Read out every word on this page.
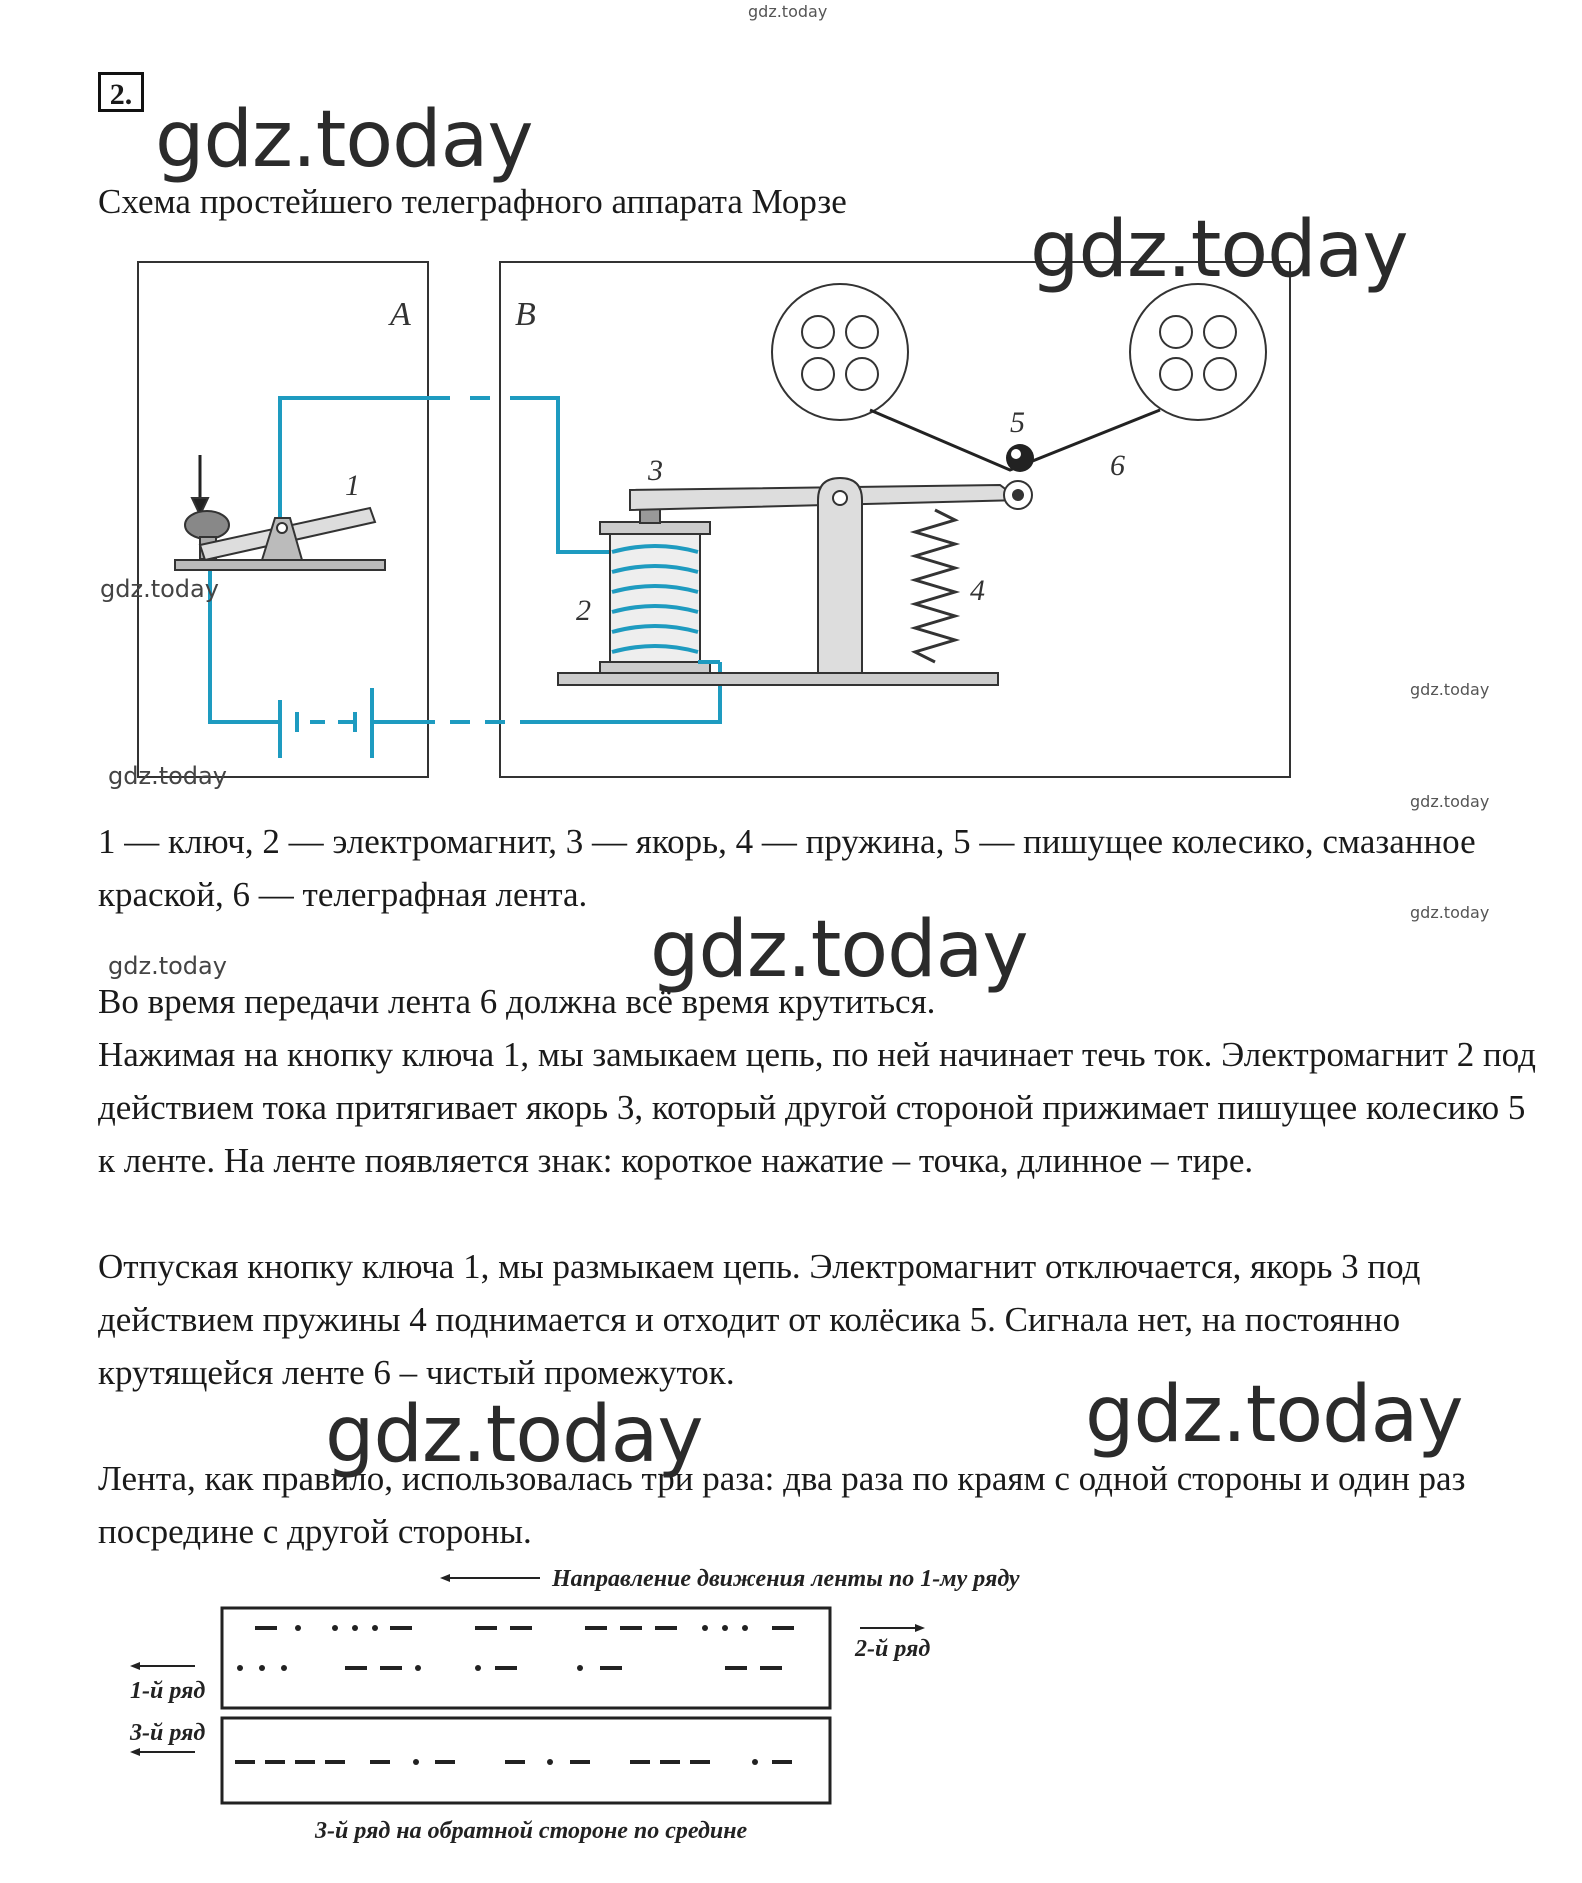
gdz.today
2.
Схема простейшего телеграфного аппарата Морзе
A	B
1
2
3
4
5
6
1 — ключ, 2 — электромагнит, 3 — якорь, 4 — пружина, 5 — пишущее колесико, смазанное краской, 6 — телеграфная лента.
Во время передачи лента 6 должна всё время крутиться.
Нажимая на кнопку ключа 1, мы замыкаем цепь, по ней начинает течь ток. Электромагнит 2 под действием тока притягивает якорь 3, который другой стороной прижимает пишущее колесико 5 к ленте. На ленте появляется знак: короткое нажатие – точка, длинное – тире.
Отпуская кнопку ключа 1, мы размыкаем цепь. Электромагнит отключается, якорь 3 под действием пружины 4 поднимается и отходит от колёсика 5. Сигнала нет, на постоянно крутящейся ленте 6 – чистый промежуток.
Лента, как правило, использовалась три раза: два раза по краям с одной стороны и один раз посредине с другой стороны.
Направление движения ленты по 1-му ряду
2-й ряд
1-й ряд
3-й ряд
3-й ряд на обратной стороне по средине
gdz.today
gdz.today
gdz.today
gdz.today
gdz.today
gdz.today
gdz.today	gdz.today
gdz.today
gdz.today	gdz.today
